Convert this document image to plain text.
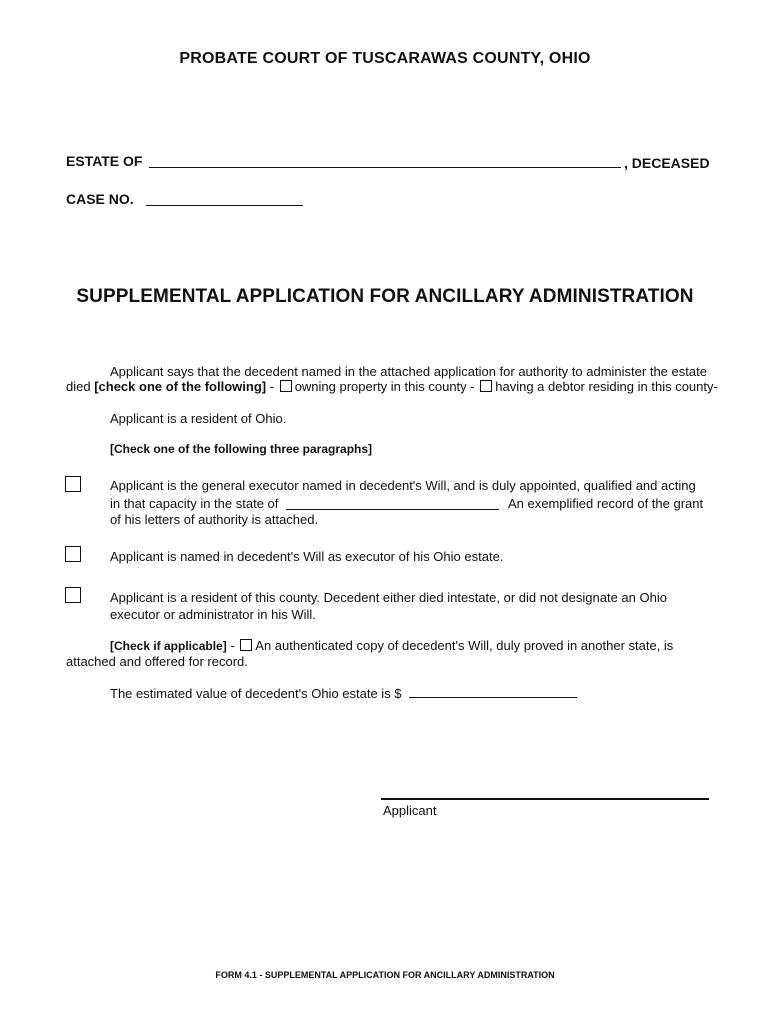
PROBATE COURT OF TUSCARAWAS COUNTY, OHIO
ESTATE OF	, DECEASED
CASE NO.
SUPPLEMENTAL APPLICATION FOR ANCILLARY ADMINISTRATION
Applicant says that the decedent named in the attached application for authority to administer the estate
died [check one of the following] - owning property in this county - having a debtor residing in this county-
Applicant is a resident of Ohio.
[Check one of the following three paragraphs]
Applicant is the general executor named in decedent's Will, and is duly appointed, qualified and acting
in that capacity in the state of	An exemplified record of the grant
of his letters of authority is attached.
Applicant is named in decedent's Will as executor of his Ohio estate.
Applicant is a resident of this county. Decedent either died intestate, or did not designate an Ohio
executor or administrator in his Will.
[Check if applicable] - An authenticated copy of decedent's Will, duly proved in another state, is
attached and offered for record.
The estimated value of decedent's Ohio estate is $
Applicant
FORM 4.1 - SUPPLEMENTAL APPLICATION FOR ANCILLARY ADMINISTRATION
